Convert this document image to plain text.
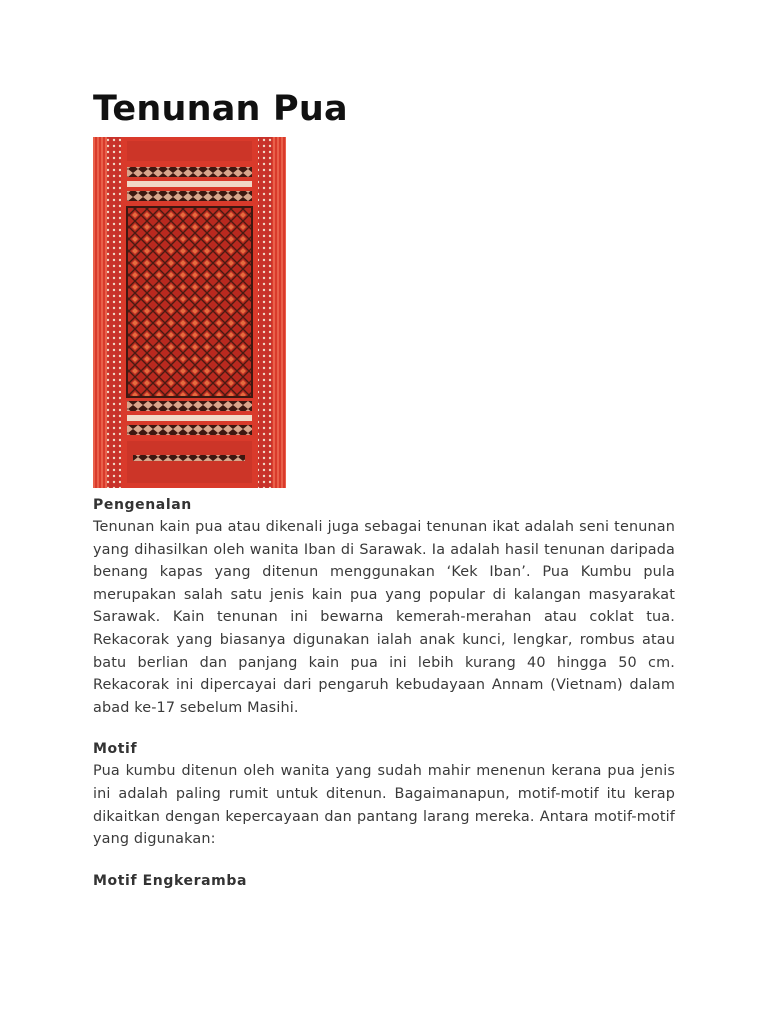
Tenunan Pua
Pengenalan

Tenunan kain pua atau dikenali juga sebagai tenunan ikat adalah seni tenunan yang dihasilkan oleh wanita Iban di Sarawak. Ia adalah hasil tenunan daripada benang kapas yang ditenun menggunakan ‘Kek Iban’. Pua Kumbu pula merupakan salah satu jenis kain pua yang popular di kalangan masyarakat Sarawak. Kain tenunan ini bewarna kemerah-merahan atau coklat tua. Rekacorak yang biasanya digunakan ialah anak kunci, lengkar, rombus atau batu berlian dan panjang kain pua ini lebih kurang 40 hingga 50 cm. Rekacorak ini dipercayai dari pengaruh kebudayaan Annam (Vietnam) dalam abad ke-17 sebelum Masihi.

Motif

Pua kumbu ditenun oleh wanita yang sudah mahir menenun kerana pua jenis ini adalah paling rumit untuk ditenun. Bagaimanapun, motif-motif itu kerap dikaitkan dengan kepercayaan dan pantang larang mereka. Antara motif-motif yang digunakan:

Motif Engkeramba
